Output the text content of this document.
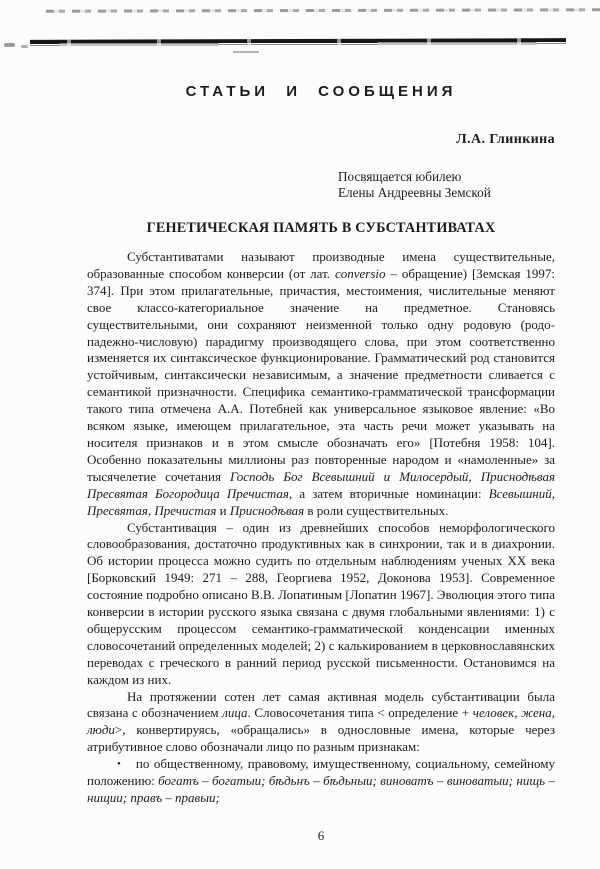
СТАТЬИ И СООБЩЕНИЯ
Л.А. Глинкина
Посвящается юбилею
Елены Андреевны Земской
ГЕНЕТИЧЕСКАЯ ПАМЯТЬ В СУБСТАНТИВАТАХ

Субстантиватами называют производные имена существительные, образованные способом конверсии (от лат. conversio – обращение) [Земская 1997: 374]. При этом прилагательные, причастия, местоимения, числительные меняют свое классо-категориальное значение на предметное. Становясь существительными, они сохраняют неизменной только одну родовую (родо-падежно-числовую) парадигму производящего слова, при этом соответственно изменяется их синтаксическое функционирование. Грамматический род становится устойчивым, синтаксически независимым, а значение предметности сливается с семантикой призначности. Специфика семантико-грамматической трансформации такого типа отмечена А.А. Потебней как универсальное языковое явление: «Во всяком языке, имеющем прилагательное, эта часть речи может указывать на носителя признаков и в этом смысле обозначать его» [Потебня 1958: 104]. Особенно показательны миллионы раз повторенные народом и «намоленные» за тысячелетие сочетания Господь Бог Всевышний и Милосердый, Приснодѣвая Пресвятая Богородица Пречистая, а затем вторичные номинации: Всевышний, Пресвятая, Пречистая и Приснодѣвая в роли существительных.

Субстантивация – один из древнейших способов неморфологического словообразования, достаточно продуктивных как в синхронии, так и в диахронии. Об истории процесса можно судить по отдельным наблюдениям ученых XX века [Борковский 1949: 271 – 288, Георгиева 1952, Доконова 1953]. Современное состояние подробно описано В.В. Лопатиным [Лопатин 1967]. Эволюция этого типа конверсии в истории русского языка связана с двумя глобальными явлениями: 1) с общерусским процессом семантико-грамматической конденсации именных словосочетаний определенных моделей; 2) с калькированием в церковнославянских переводах с греческого в ранний период русской письменности. Остановимся на каждом из них.

На протяжении сотен лет самая активная модель субстантивации была связана с обозначением лица. Словосочетания типа < определение + человек, жена, люди>, конвертируясь, «обращались» в однословные имена, которые через атрибутивное слово обозначали лицо по разным признакам:

• по общественному, правовому, имущественному, социальному, семейному положению: богатъ – богатыи; бѣдьнъ – бѣдьныи; виноватъ – виноватыи; нищь – нищии; правъ – правыи;

6
